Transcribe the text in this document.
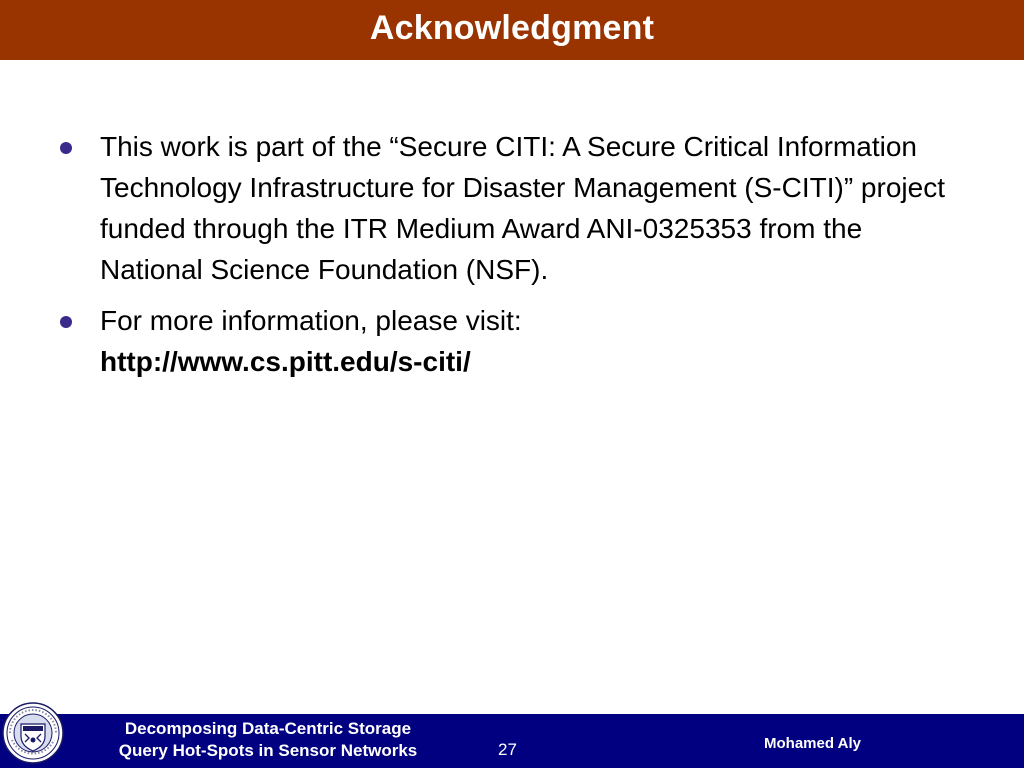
Acknowledgment
This work is part of the “Secure CITI: A Secure Critical Information Technology Infrastructure for Disaster Management (S-CITI)” project funded through the ITR Medium Award ANI-0325353 from the National Science Foundation (NSF).
For more information, please visit:
http://www.cs.pitt.edu/s-citi/
Decomposing Data-Centric Storage
Query Hot-Spots in Sensor Networks	27	Mohamed Aly
